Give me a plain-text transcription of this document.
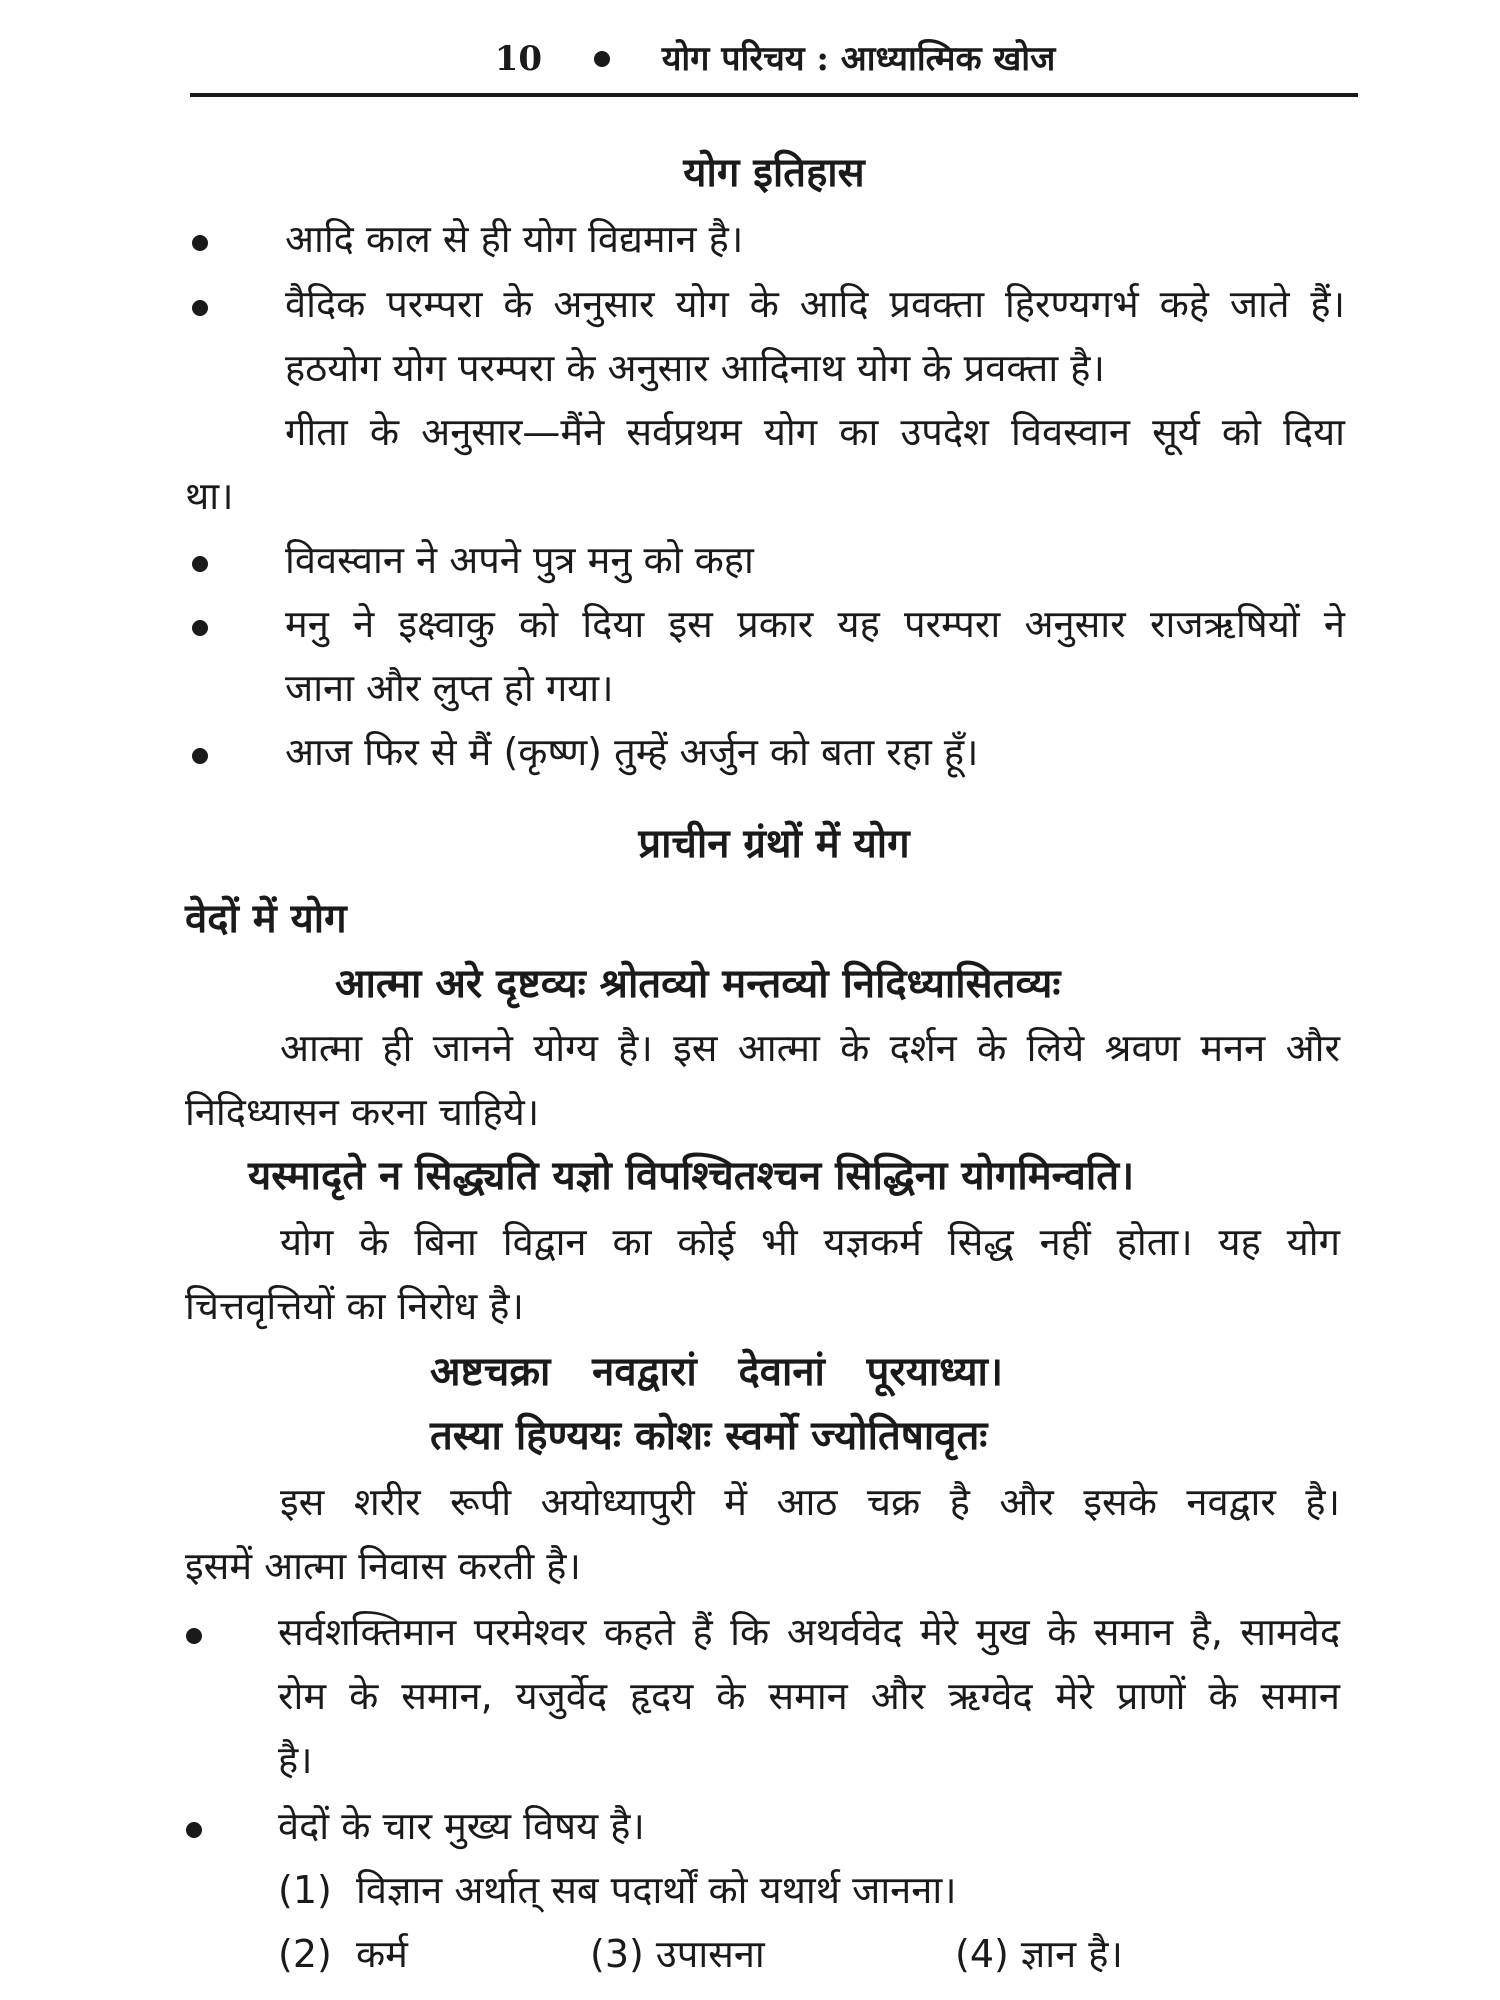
10	योग परिचय : आध्यात्मिक खोज
योग इतिहास
आदि काल से ही योग विद्यमान है।
वैदिक परम्परा के अनुसार योग के आदि प्रवक्ता हिरण्यगर्भ कहे जाते हैं।
हठयोग योग परम्परा के अनुसार आदिनाथ योग के प्रवक्ता है।
गीता के अनुसार—मैंने सर्वप्रथम योग का उपदेश विवस्वान सूर्य को दिया
था।
विवस्वान ने अपने पुत्र मनु को कहा
मनु ने इक्ष्वाकु को दिया इस प्रकार यह परम्परा अनुसार राजऋषियों ने
जाना और लुप्त हो गया।
आज फिर से मैं (कृष्ण) तुम्हें अर्जुन को बता रहा हूँ।
प्राचीन ग्रंथों में योग
वेदों में योग
आत्मा अरे दृष्टव्यः श्रोतव्यो मन्तव्यो निदिध्यासितव्यः
आत्मा ही जानने योग्य है। इस आत्मा के दर्शन के लिये श्रवण मनन और
निदिध्यासन करना चाहिये।
यस्मादृते न सिद्ध्यति यज्ञो विपश्चितश्चन सिद्धिना योगमिन्वति।
योग के बिना विद्वान का कोई भी यज्ञकर्म सिद्ध नहीं होता। यह योग
चित्तवृत्तियों का निरोध है।
अष्टचक्रा   नवद्वारां   देवानां   पूरयाध्या।
तस्या हिण्ययः कोशः स्वर्मो ज्योतिषावृतः
इस शरीर रूपी अयोध्यापुरी में आठ चक्र है और इसके नवद्वार है।
इसमें आत्मा निवास करती है।
सर्वशक्तिमान परमेश्वर कहते हैं कि अथर्ववेद मेरे मुख के समान है, सामवेद
रोम के समान, यजुर्वेद हृदय के समान और ऋग्वेद मेरे प्राणों के समान
है।
वेदों के चार मुख्य विषय है।
(1)  विज्ञान अर्थात् सब पदार्थों को यथार्थ जानना।
(2)  कर्म	(3) उपासना	(4) ज्ञान है।
